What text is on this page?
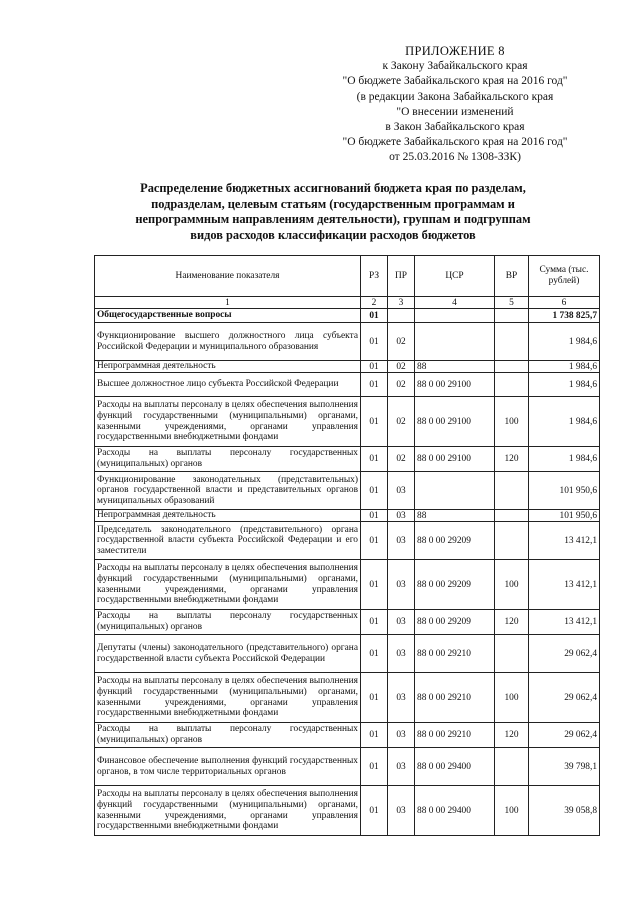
ПРИЛОЖЕНИЕ 8
к Закону Забайкальского края
"О бюджете Забайкальского края на 2016 год"
(в редакции Закона Забайкальского края
"О внесении изменений
в Закон Забайкальского края
"О бюджете Забайкальского края на 2016 год"
от 25.03.2016 № 1308-ЗЗК)
Распределение бюджетных ассигнований бюджета края по разделам,
подразделам, целевым статьям (государственным программам и
непрограммным направлениям деятельности), группам и подгруппам
видов расходов классификации расходов бюджетов
Наименование показателя	РЗ	ПР	ЦСР	ВР	Сумма (тыс. рублей)
1	2	3	4	5	6
Общегосударственные вопросы	01				1 738 825,7
Функционирование высшего должностного лица субъекта Российской Федерации и муниципального образования	01	02			1 984,6
Непрограммная деятельность	01	02	88		1 984,6
Высшее должностное лицо субъекта Российской Федерации	01	02	88 0 00 29100		1 984,6
Расходы на выплаты персоналу в целях обеспечения выполнения функций государственными (муниципальными) органами, казенными учреждениями, органами управления государственными внебюджетными фондами	01	02	88 0 00 29100	100	1 984,6
Расходы на выплаты персоналу государственных (муниципальных) органов	01	02	88 0 00 29100	120	1 984,6
Функционирование законодательных (представительных) органов государственной власти и представительных органов муниципальных образований	01	03			101 950,6
Непрограммная деятельность	01	03	88		101 950,6
Председатель законодательного (представительного) органа государственной власти субъекта Российской Федерации и его заместители	01	03	88 0 00 29209		13 412,1
Расходы на выплаты персоналу в целях обеспечения выполнения функций государственными (муниципальными) органами, казенными учреждениями, органами управления государственными внебюджетными фондами	01	03	88 0 00 29209	100	13 412,1
Расходы на выплаты персоналу государственных (муниципальных) органов	01	03	88 0 00 29209	120	13 412,1
Депутаты (члены) законодательного (представительного) органа государственной власти субъекта Российской Федерации	01	03	88 0 00 29210		29 062,4
Расходы на выплаты персоналу в целях обеспечения выполнения функций государственными (муниципальными) органами, казенными учреждениями, органами управления государственными внебюджетными фондами	01	03	88 0 00 29210	100	29 062,4
Расходы на выплаты персоналу государственных (муниципальных) органов	01	03	88 0 00 29210	120	29 062,4
Финансовое обеспечение выполнения функций государственных органов, в том числе территориальных органов	01	03	88 0 00 29400		39 798,1
Расходы на выплаты персоналу в целях обеспечения выполнения функций государственными (муниципальными) органами, казенными учреждениями, органами управления государственными внебюджетными фондами	01	03	88 0 00 29400	100	39 058,8
